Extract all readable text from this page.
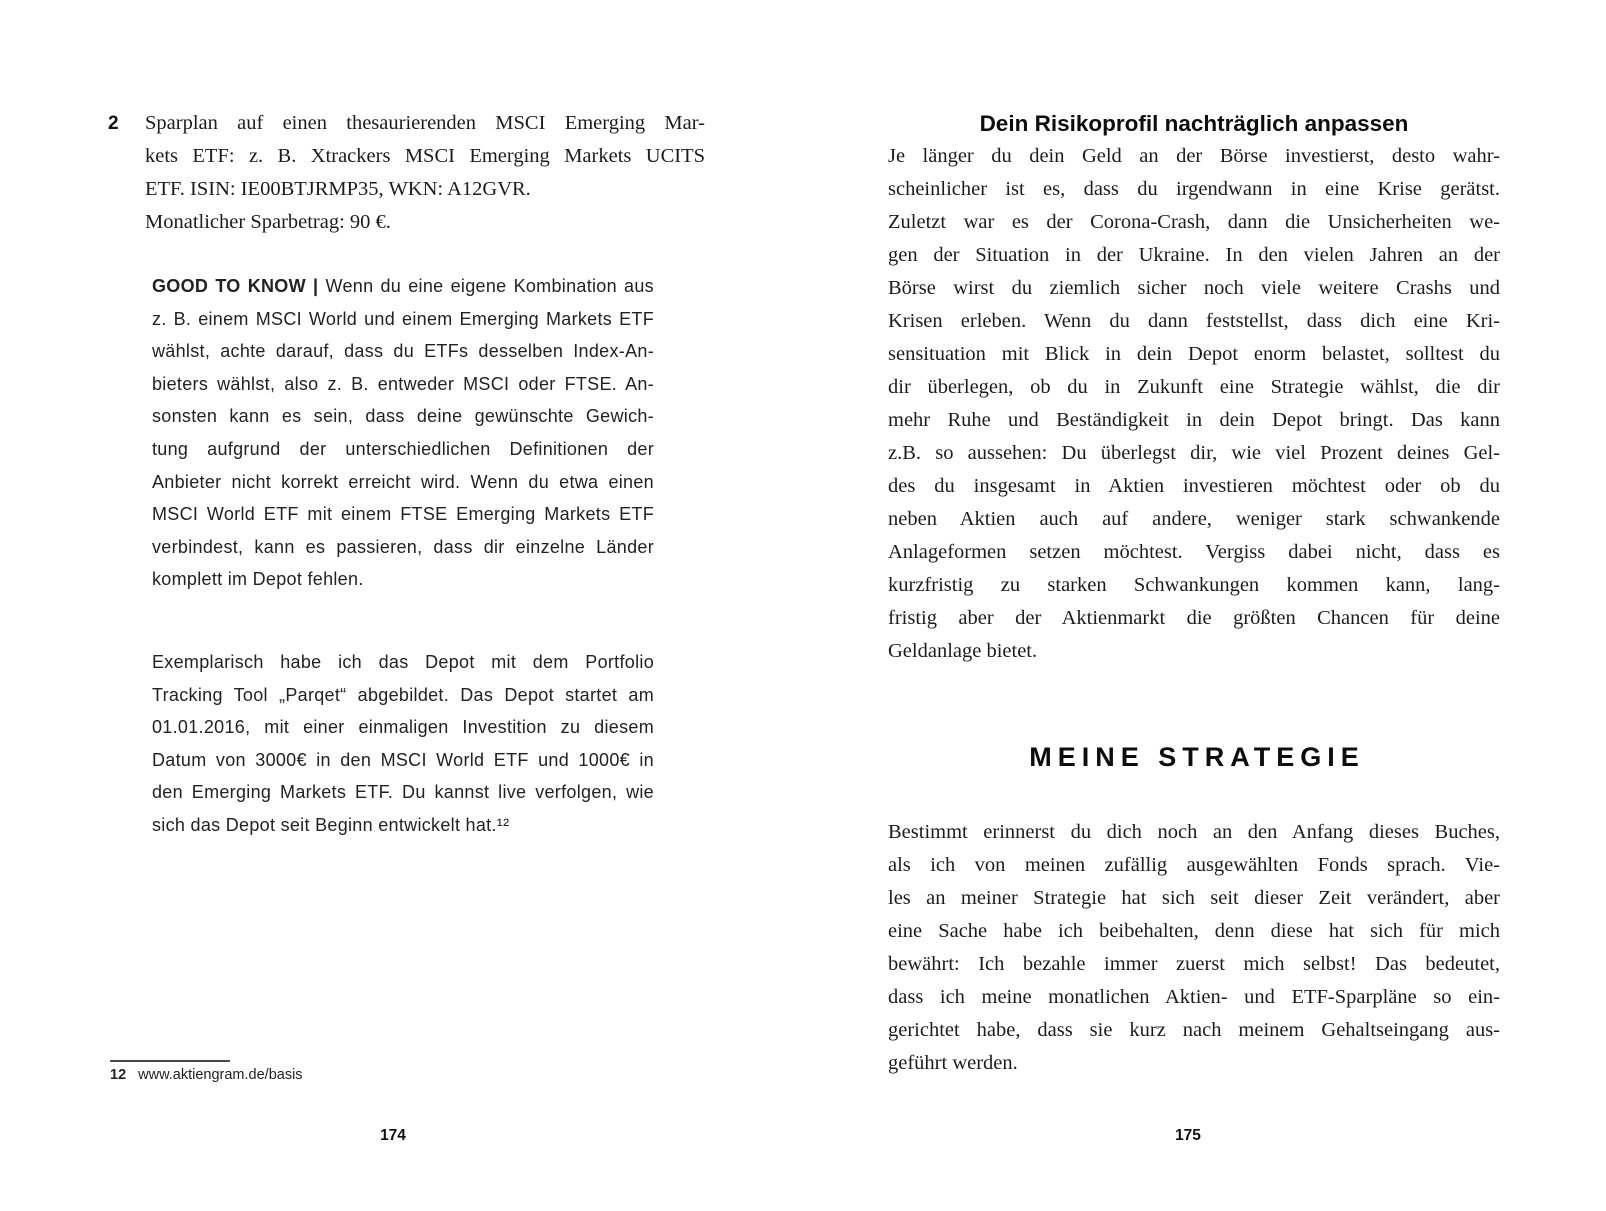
2	Sparplan auf einen thesaurierenden MSCI Emerging Mar-
kets ETF: z. B. Xtrackers MSCI Emerging Markets UCITS
ETF. ISIN: IE00BTJRMP35, WKN: A12GVR.
Monatlicher Sparbetrag: 90 €.
GOOD TO KNOW | Wenn du eine eigene Kombination aus
z. B. einem MSCI World und einem Emerging Markets ETF
wählst, achte darauf, dass du ETFs desselben Index-An-
bieters wählst, also z. B. entweder MSCI oder FTSE. An-
sonsten kann es sein, dass deine gewünschte Gewich-
tung aufgrund der unterschiedlichen Definitionen der
Anbieter nicht korrekt erreicht wird. Wenn du etwa einen
MSCI World ETF mit einem FTSE Emerging Markets ETF
verbindest, kann es passieren, dass dir einzelne Länder
komplett im Depot fehlen.
Exemplarisch habe ich das Depot mit dem Portfolio
Tracking Tool „Parqet“ abgebildet. Das Depot startet am
01.01.2016, mit einer einmaligen Investition zu diesem
Datum von 3000€ in den MSCI World ETF und 1000€ in
den Emerging Markets ETF. Du kannst live verfolgen, wie
sich das Depot seit Beginn entwickelt hat.¹²
12 www.aktiengram.de/basis
174
Dein Risikoprofil nachträglich anpassen
Je länger du dein Geld an der Börse investierst, desto wahr-
scheinlicher ist es, dass du irgendwann in eine Krise gerätst.
Zuletzt war es der Corona-Crash, dann die Unsicherheiten we-
gen der Situation in der Ukraine. In den vielen Jahren an der
Börse wirst du ziemlich sicher noch viele weitere Crashs und
Krisen erleben. Wenn du dann feststellst, dass dich eine Kri-
sensituation mit Blick in dein Depot enorm belastet, solltest du
dir überlegen, ob du in Zukunft eine Strategie wählst, die dir
mehr Ruhe und Beständigkeit in dein Depot bringt. Das kann
z.B. so aussehen: Du überlegst dir, wie viel Prozent deines Gel-
des du insgesamt in Aktien investieren möchtest oder ob du
neben Aktien auch auf andere, weniger stark schwankende
Anlageformen setzen möchtest. Vergiss dabei nicht, dass es
kurzfristig zu starken Schwankungen kommen kann, lang-
fristig aber der Aktienmarkt die größten Chancen für deine
Geldanlage bietet.
MEINE STRATEGIE
Bestimmt erinnerst du dich noch an den Anfang dieses Buches,
als ich von meinen zufällig ausgewählten Fonds sprach. Vie-
les an meiner Strategie hat sich seit dieser Zeit verändert, aber
eine Sache habe ich beibehalten, denn diese hat sich für mich
bewährt: Ich bezahle immer zuerst mich selbst! Das bedeutet,
dass ich meine monatlichen Aktien- und ETF-Sparpläne so ein-
gerichtet habe, dass sie kurz nach meinem Gehaltseingang aus-
geführt werden.
175
